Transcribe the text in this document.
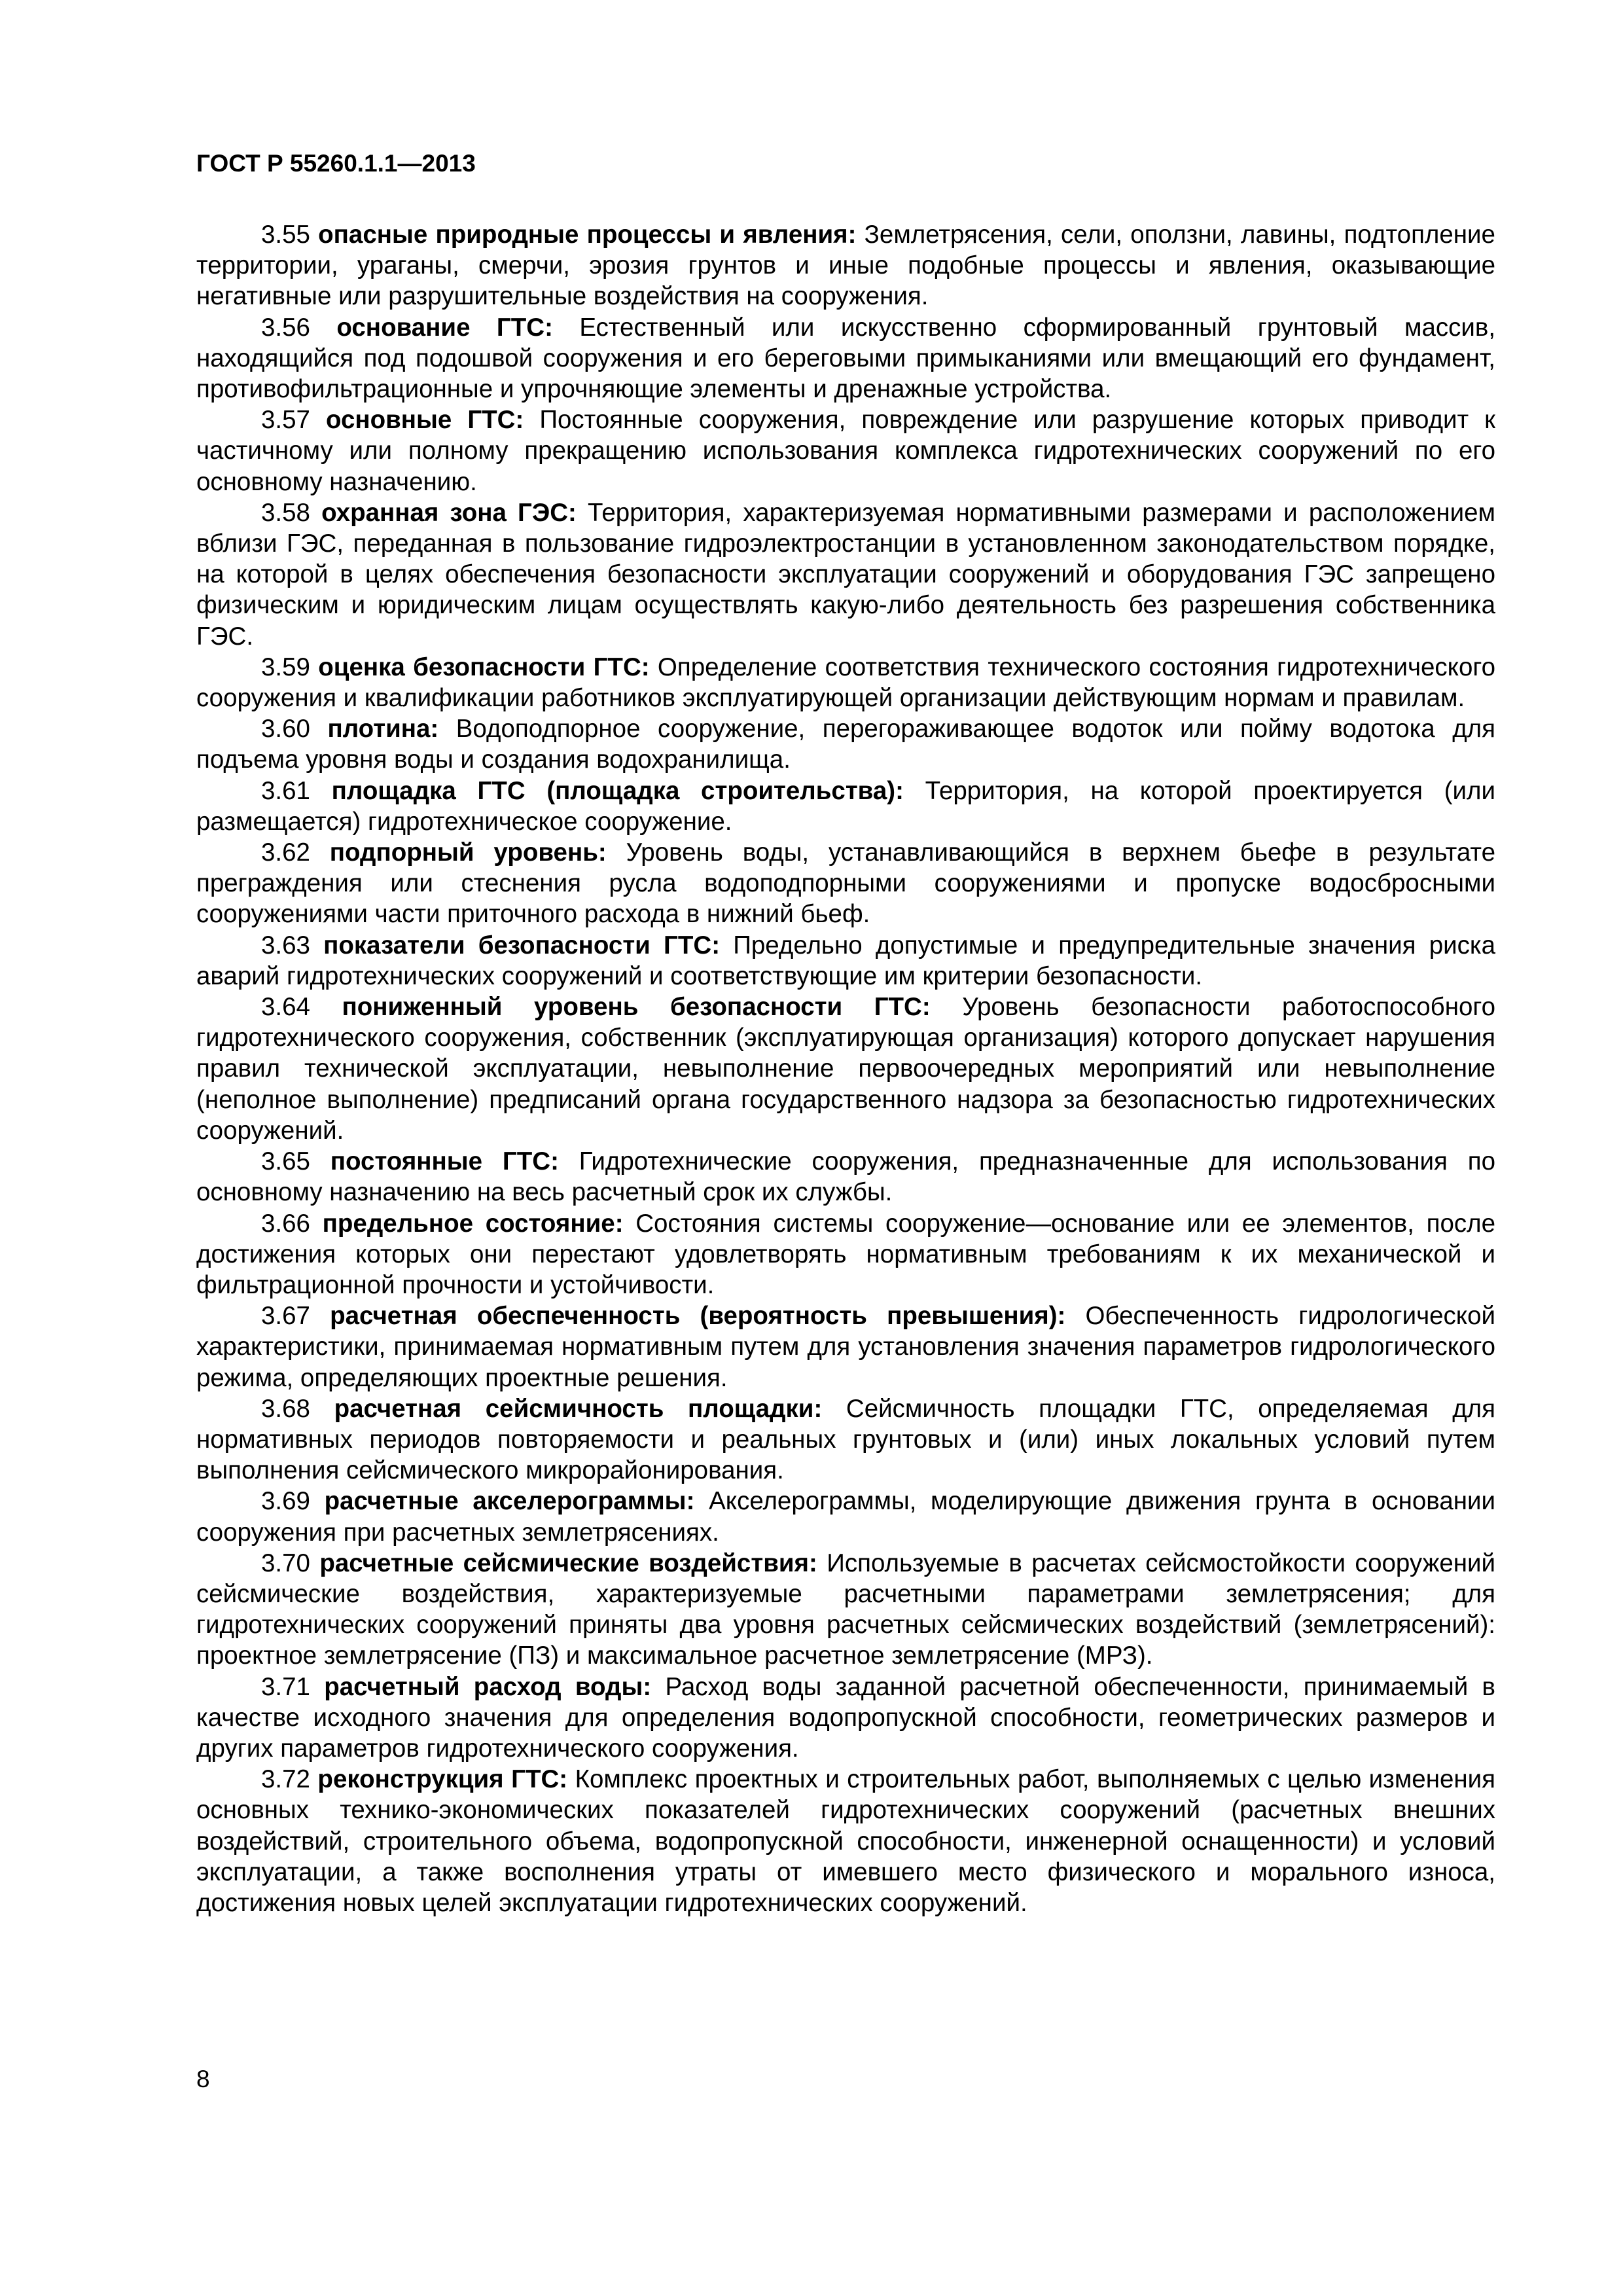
ГОСТ Р 55260.1.1—2013

3.55 опасные природные процессы и явления: Землетрясения, сели, оползни, лавины, подтопление территории, ураганы, смерчи, эрозия грунтов и иные подобные процессы и явления, оказывающие негативные или разрушительные воздействия на сооружения.

3.56 основание ГТС: Естественный или искусственно сформированный грунтовый массив, находящийся под подошвой сооружения и его береговыми примыканиями или вмещающий его фундамент, противофильтрационные и упрочняющие элементы и дренажные устройства.

3.57 основные ГТС: Постоянные сооружения, повреждение или разрушение которых приводит к частичному или полному прекращению использования комплекса гидротехнических сооружений по его основному назначению.

3.58 охранная зона ГЭС: Территория, характеризуемая нормативными размерами и расположением вблизи ГЭС, переданная в пользование гидроэлектростанции в установленном законодательством порядке, на которой в целях обеспечения безопасности эксплуатации сооружений и оборудования ГЭС запрещено физическим и юридическим лицам осуществлять какую-либо деятельность без разрешения собственника ГЭС.

3.59 оценка безопасности ГТС: Определение соответствия технического состояния гидротехнического сооружения и квалификации работников эксплуатирующей организации действующим нормам и правилам.

3.60 плотина: Водоподпорное сооружение, перегораживающее водоток или пойму водотока для подъема уровня воды и создания водохранилища.

3.61 площадка ГТС (площадка строительства): Территория, на которой проектируется (или размещается) гидротехническое сооружение.

3.62 подпорный уровень: Уровень воды, устанавливающийся в верхнем бьефе в результате преграждения или стеснения русла водоподпорными сооружениями и пропуске водосбросными сооружениями части приточного расхода в нижний бьеф.

3.63 показатели безопасности ГТС: Предельно допустимые и предупредительные значения риска аварий гидротехнических сооружений и соответствующие им критерии безопасности.

3.64 пониженный уровень безопасности ГТС: Уровень безопасности работоспособного гидротехнического сооружения, собственник (эксплуатирующая организация) которого допускает нарушения правил технической эксплуатации, невыполнение первоочередных мероприятий или невыполнение (неполное выполнение) предписаний органа государственного надзора за безопасностью гидротехнических сооружений.

3.65 постоянные ГТС: Гидротехнические сооружения, предназначенные для использования по основному назначению на весь расчетный срок их службы.

3.66 предельное состояние: Состояния системы сооружение—основание или ее элементов, после достижения которых они перестают удовлетворять нормативным требованиям к их механической и фильтрационной прочности и устойчивости.

3.67 расчетная обеспеченность (вероятность превышения): Обеспеченность гидрологической характеристики, принимаемая нормативным путем для установления значения параметров гидрологического режима, определяющих проектные решения.

3.68 расчетная сейсмичность площадки: Сейсмичность площадки ГТС, определяемая для нормативных периодов повторяемости и реальных грунтовых и (или) иных локальных условий путем выполнения сейсмического микрорайонирования.

3.69 расчетные акселерограммы: Акселерограммы, моделирующие движения грунта в основании сооружения при расчетных землетрясениях.

3.70 расчетные сейсмические воздействия: Используемые в расчетах сейсмостойкости сооружений сейсмические воздействия, характеризуемые расчетными параметрами землетрясения; для гидротехнических сооружений приняты два уровня расчетных сейсмических воздействий (землетрясений): проектное землетрясение (ПЗ) и максимальное расчетное землетрясение (МРЗ).

3.71 расчетный расход воды: Расход воды заданной расчетной обеспеченности, принимаемый в качестве исходного значения для определения водопропускной способности, геометрических размеров и других параметров гидротехнического сооружения.

3.72 реконструкция ГТС: Комплекс проектных и строительных работ, выполняемых с целью изменения основных технико-экономических показателей гидротехнических сооружений (расчетных внешних воздействий, строительного объема, водопропускной способности, инженерной оснащенности) и условий эксплуатации, а также восполнения утраты от имевшего место физического и морального износа, достижения новых целей эксплуатации гидротехнических сооружений.

8
